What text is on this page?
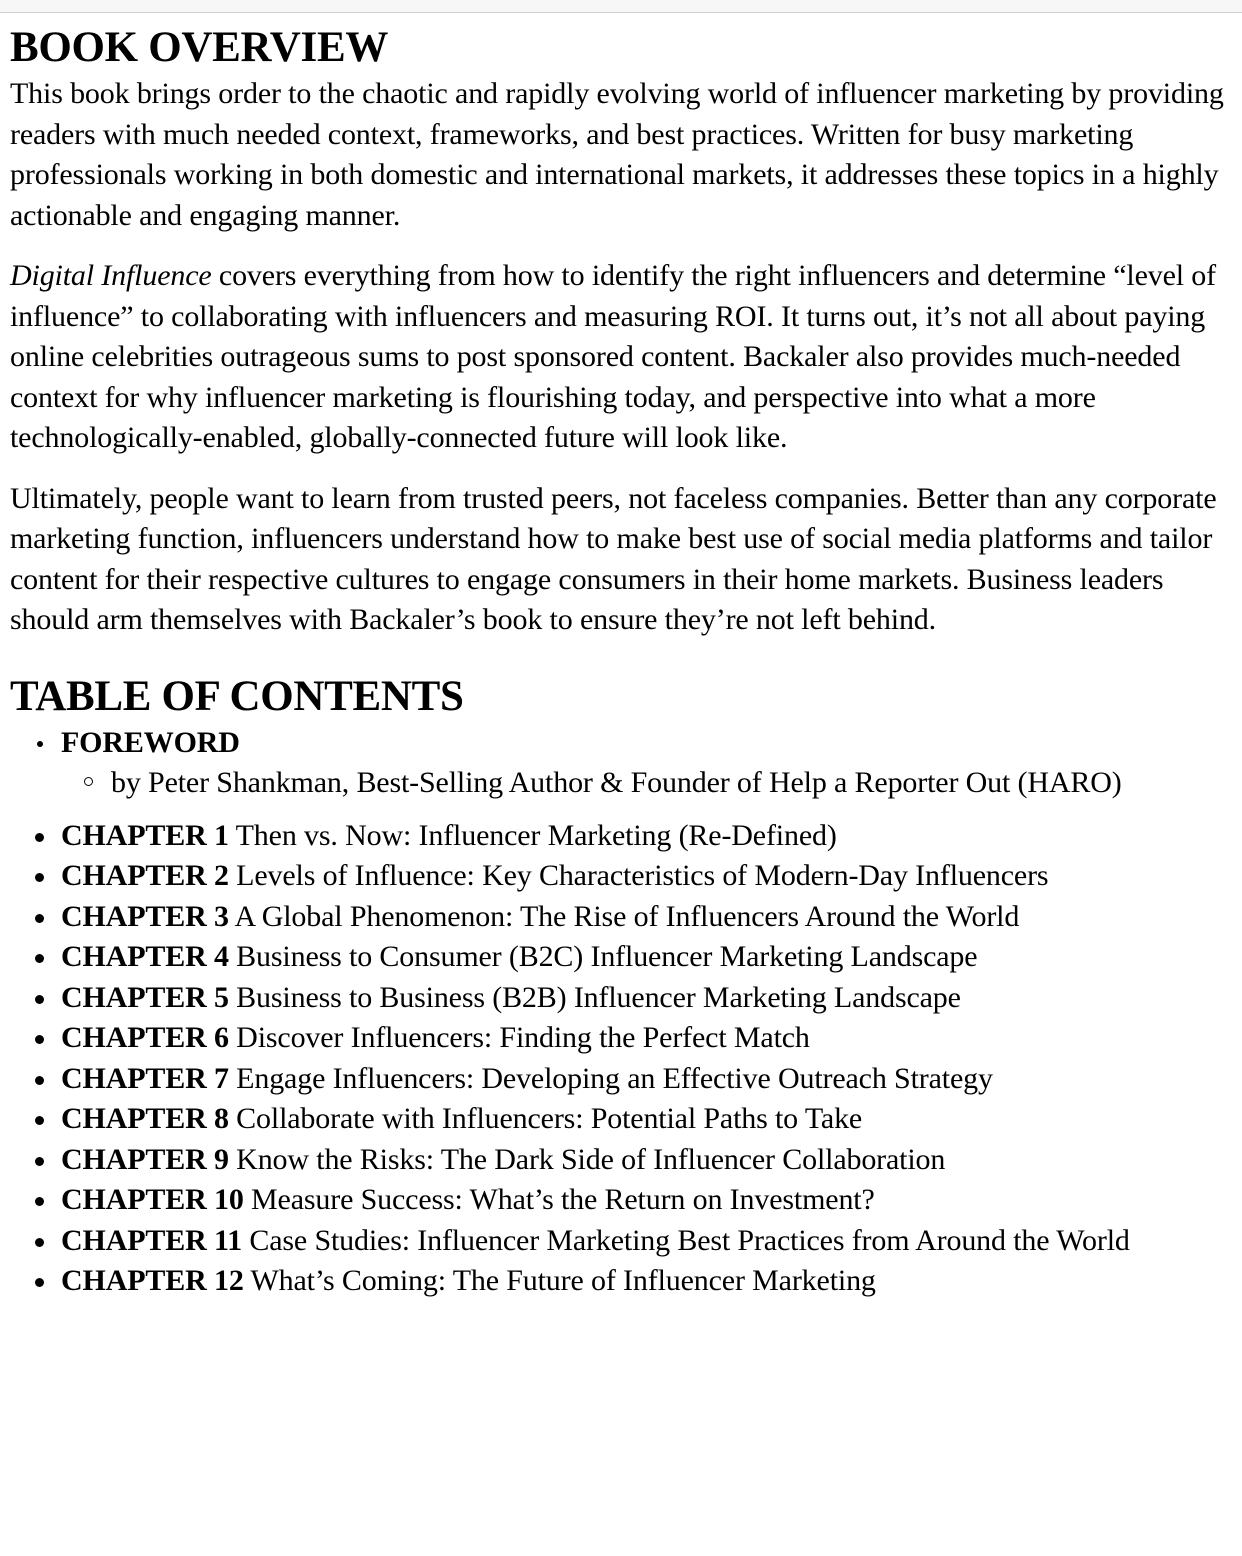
BOOK OVERVIEW

This book brings order to the chaotic and rapidly evolving world of influencer marketing by providing readers with much needed context, frameworks, and best practices. Written for busy marketing professionals working in both domestic and international markets, it addresses these topics in a highly actionable and engaging manner.

Digital Influence covers everything from how to identify the right influencers and determine “level of influence” to collaborating with influencers and measuring ROI. It turns out, it’s not all about paying online celebrities outrageous sums to post sponsored content. Backaler also provides much-needed context for why influencer marketing is flourishing today, and perspective into what a more technologically-enabled, globally-connected future will look like.

Ultimately, people want to learn from trusted peers, not faceless companies. Better than any corporate marketing function, influencers understand how to make best use of social media platforms and tailor content for their respective cultures to engage consumers in their home markets. Business leaders should arm themselves with Backaler’s book to ensure they’re not left behind.

TABLE OF CONTENTS
FOREWORD
by Peter Shankman, Best-Selling Author & Founder of Help a Reporter Out (HARO)
CHAPTER 1 Then vs. Now: Influencer Marketing (Re-Defined)
CHAPTER 2 Levels of Influence: Key Characteristics of Modern-Day Influencers
CHAPTER 3 A Global Phenomenon: The Rise of Influencers Around the World
CHAPTER 4 Business to Consumer (B2C) Influencer Marketing Landscape
CHAPTER 5 Business to Business (B2B) Influencer Marketing Landscape
CHAPTER 6 Discover Influencers: Finding the Perfect Match
CHAPTER 7 Engage Influencers: Developing an Effective Outreach Strategy
CHAPTER 8 Collaborate with Influencers: Potential Paths to Take
CHAPTER 9 Know the Risks: The Dark Side of Influencer Collaboration
CHAPTER 10 Measure Success: What’s the Return on Investment?
CHAPTER 11 Case Studies: Influencer Marketing Best Practices from Around the World
CHAPTER 12 What’s Coming: The Future of Influencer Marketing
